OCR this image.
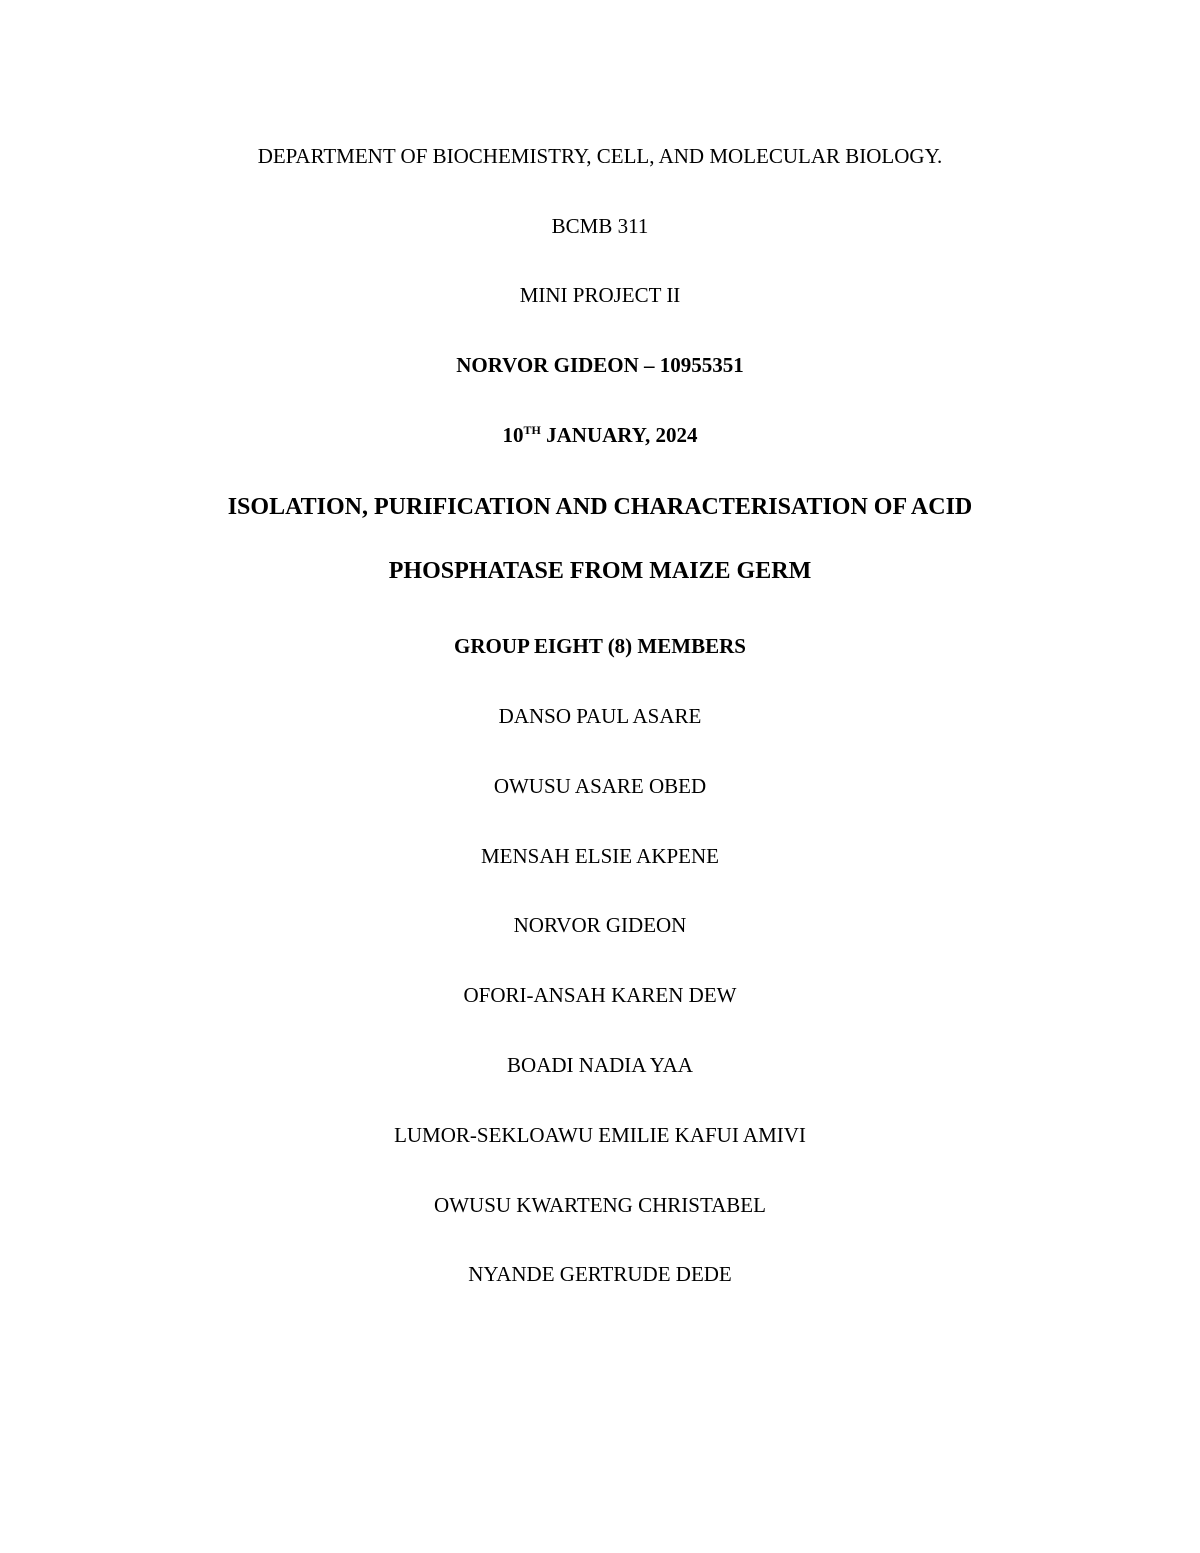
DEPARTMENT OF BIOCHEMISTRY, CELL, AND MOLECULAR BIOLOGY.
BCMB 311
MINI PROJECT II
NORVOR GIDEON – 10955351
10TH JANUARY, 2024
ISOLATION, PURIFICATION AND CHARACTERISATION OF ACID
PHOSPHATASE FROM MAIZE GERM
GROUP EIGHT (8) MEMBERS
DANSO PAUL ASARE
OWUSU ASARE OBED
MENSAH ELSIE AKPENE
NORVOR GIDEON
OFORI-ANSAH KAREN DEW
BOADI NADIA YAA
LUMOR-SEKLOAWU EMILIE KAFUI AMIVI
OWUSU KWARTENG CHRISTABEL
NYANDE GERTRUDE DEDE
